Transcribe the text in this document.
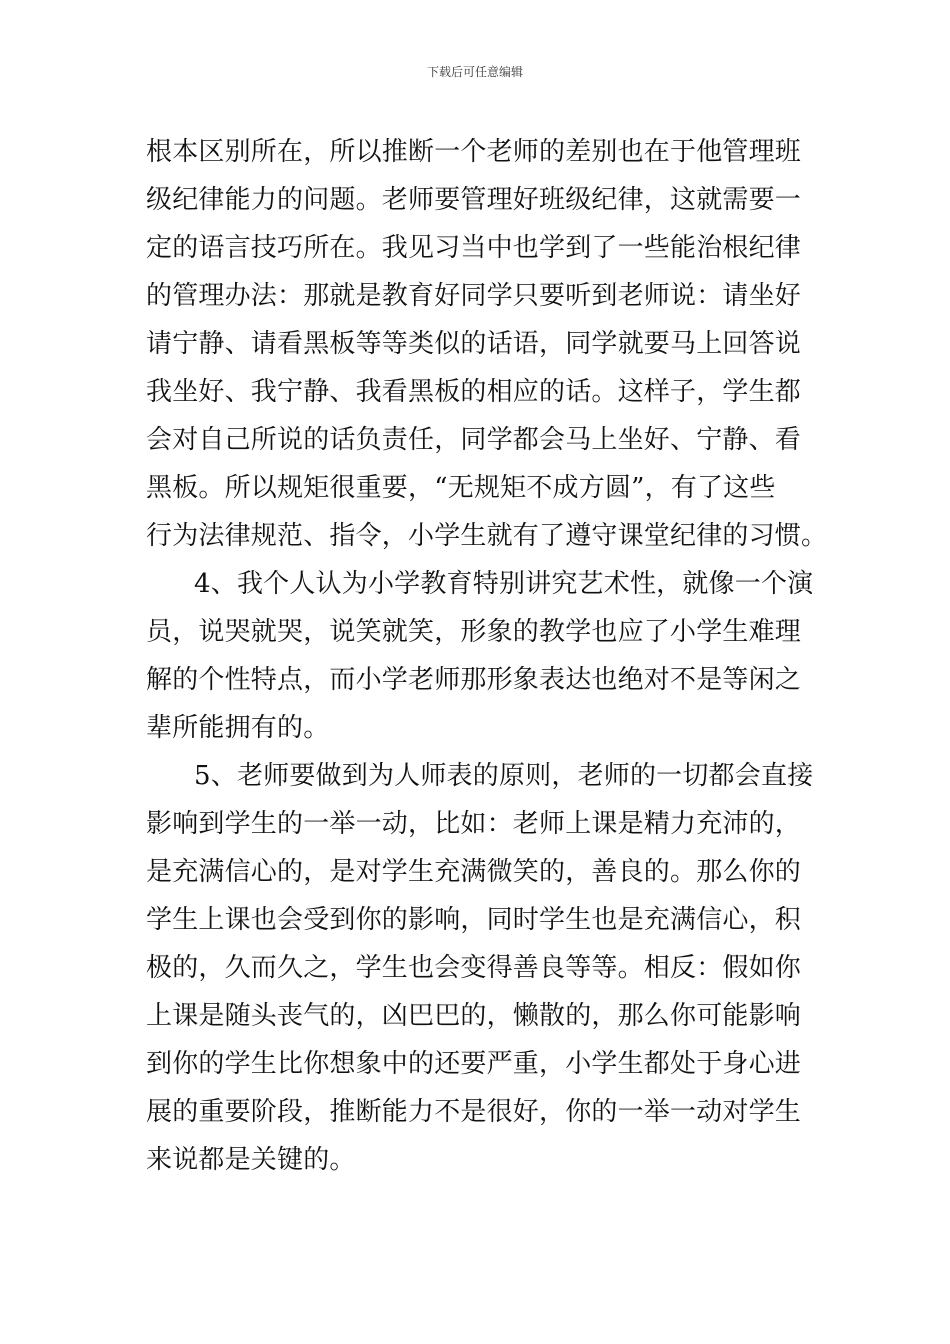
下载后可任意编辑
根本区别所在，所以推断一个老师的差别也在于他管理班
级纪律能力的问题。老师要管理好班级纪律，这就需要一
定的语言技巧所在。我见习当中也学到了一些能治根纪律
的管理办法：那就是教育好同学只要听到老师说：请坐好
请宁静、请看黑板等等类似的话语，同学就要马上回答说
我坐好、我宁静、我看黑板的相应的话。这样子，学生都
会对自己所说的话负责任，同学都会马上坐好、宁静、看
黑板。所以规矩很重要，“无规矩不成方圆”，有了这些
行为法律规范、指令，小学生就有了遵守课堂纪律的习惯。
4、我个人认为小学教育特别讲究艺术性，就像一个演
员，说哭就哭，说笑就笑，形象的教学也应了小学生难理
解的个性特点，而小学老师那形象表达也绝对不是等闲之
辈所能拥有的。
5、老师要做到为人师表的原则，老师的一切都会直接
影响到学生的一举一动，比如：老师上课是精力充沛的，
是充满信心的，是对学生充满微笑的，善良的。那么你的
学生上课也会受到你的影响，同时学生也是充满信心，积
极的，久而久之，学生也会变得善良等等。相反：假如你
上课是随头丧气的，凶巴巴的，懒散的，那么你可能影响
到你的学生比你想象中的还要严重，小学生都处于身心进
展的重要阶段，推断能力不是很好，你的一举一动对学生
来说都是关键的。
